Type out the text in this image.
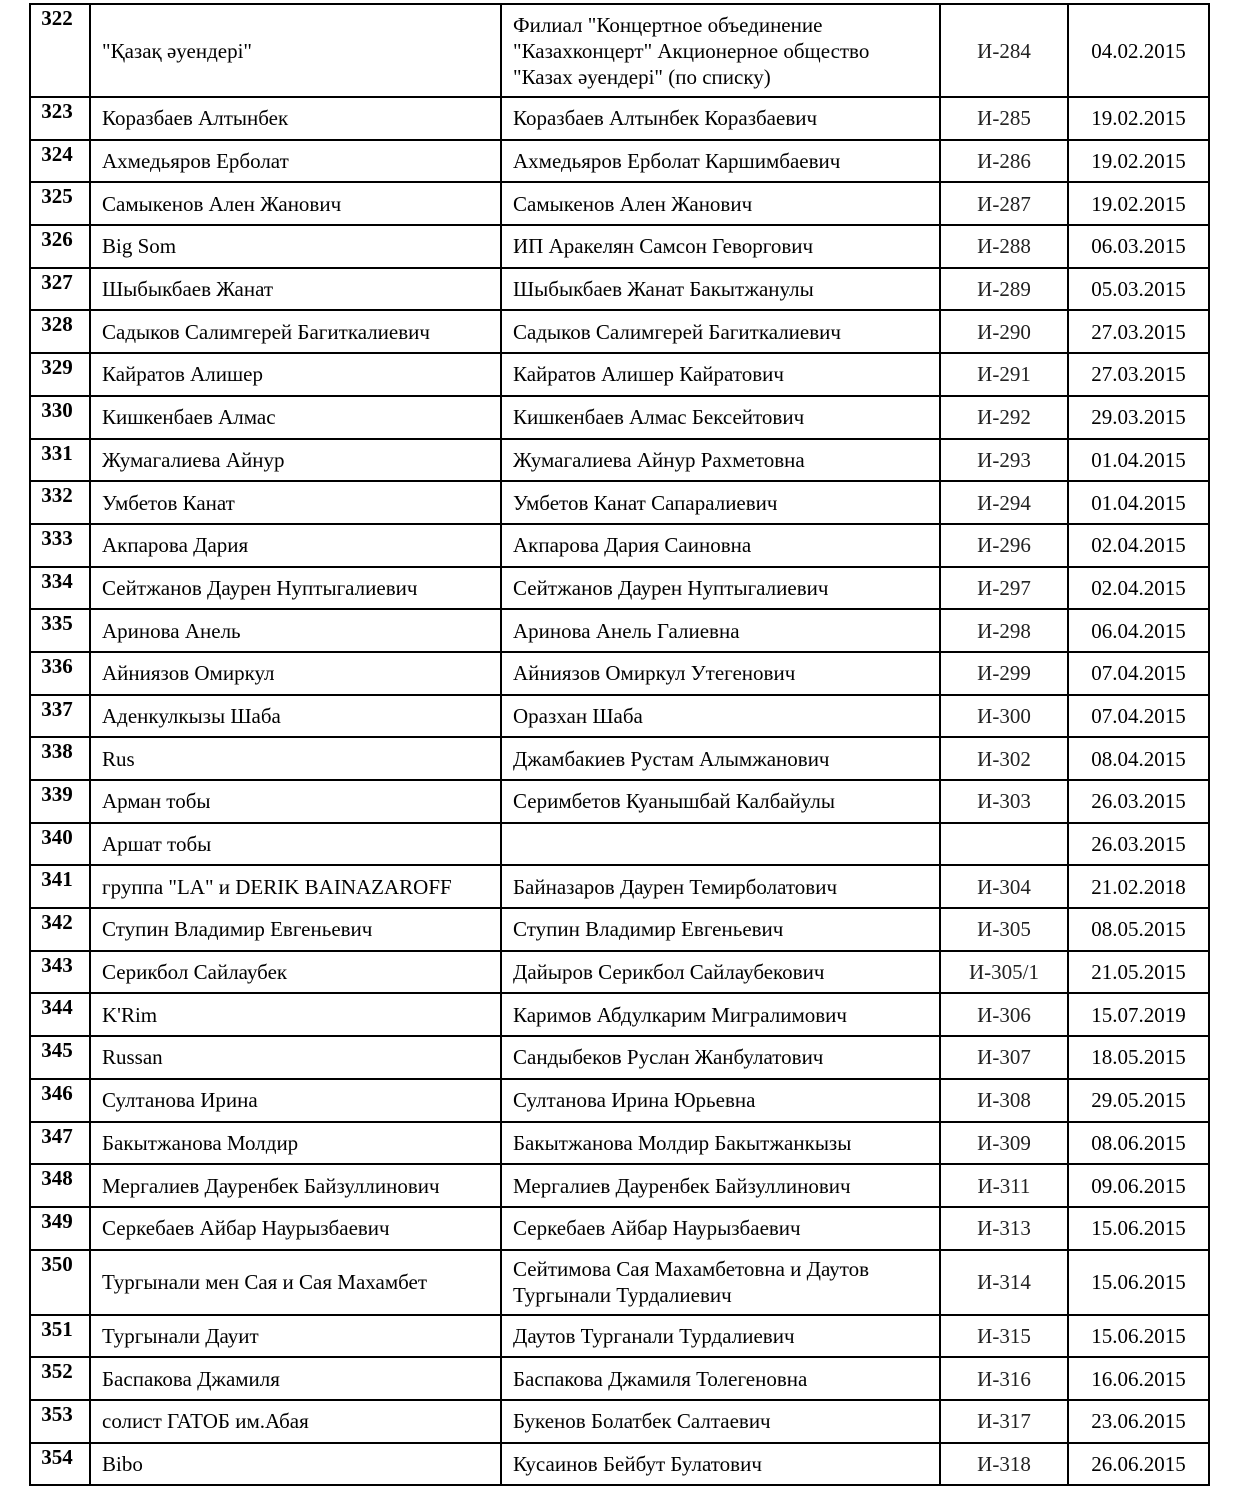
322	"Қазақ әуендері"	Филиал "Концертное объединение
"Казахконцерт" Акционерное общество
"Казах әуендері" (по списку)	И-284	04.02.2015
323	Коразбаев Алтынбек	Коразбаев Алтынбек Коразбаевич	И-285	19.02.2015
324	Ахмедьяров Ерболат	Ахмедьяров Ерболат Каршимбаевич	И-286	19.02.2015
325	Самыкенов Ален Жанович	Самыкенов Ален Жанович	И-287	19.02.2015
326	Big Som	ИП Аракелян Самсон Геворгович	И-288	06.03.2015
327	Шыбыкбаев Жанат	Шыбыкбаев Жанат Бакытжанулы	И-289	05.03.2015
328	Садыков Салимгерей Багиткалиевич	Садыков Салимгерей Багиткалиевич	И-290	27.03.2015
329	Кайратов Алишер	Кайратов Алишер Кайратович	И-291	27.03.2015
330	Кишкенбаев Алмас	Кишкенбаев Алмас Бексейтович	И-292	29.03.2015
331	Жумагалиева Айнур	Жумагалиева Айнур Рахметовна	И-293	01.04.2015
332	Умбетов Канат	Умбетов Канат Сапаралиевич	И-294	01.04.2015
333	Акпарова Дария	Акпарова Дария Саиновна	И-296	02.04.2015
334	Сейтжанов Даурен Нуптыгалиевич	Сейтжанов Даурен Нуптыгалиевич	И-297	02.04.2015
335	Аринова Анель	Аринова Анель Галиевна	И-298	06.04.2015
336	Айниязов Омиркул	Айниязов Омиркул Утегенович	И-299	07.04.2015
337	Аденкулкызы Шаба	Оразхан Шаба	И-300	07.04.2015
338	Rus	Джамбакиев Рустам Алымжанович	И-302	08.04.2015
339	Арман тобы	Серимбетов Куанышбай Калбайулы	И-303	26.03.2015
340	Аршат тобы			26.03.2015
341	группа "LA" и DERIK BAINAZAROFF	Байназаров Даурен Темирболатович	И-304	21.02.2018
342	Ступин Владимир Евгеньевич	Ступин Владимир Евгеньевич	И-305	08.05.2015
343	Серикбол Сайлаубек	Дайыров Серикбол Сайлаубекович	И-305/1	21.05.2015
344	K'Rim	Каримов Абдулкарим Мигралимович	И-306	15.07.2019
345	Russan	Сандыбеков Руслан Жанбулатович	И-307	18.05.2015
346	Султанова Ирина	Султанова Ирина Юрьевна	И-308	29.05.2015
347	Бакытжанова Молдир	Бакытжанова Молдир Бакытжанкызы	И-309	08.06.2015
348	Мергалиев Дауренбек Байзуллинович	Мергалиев Дауренбек Байзуллинович	И-311	09.06.2015
349	Серкебаев Айбар Наурызбаевич	Серкебаев Айбар Наурызбаевич	И-313	15.06.2015
350	Тургынали мен Сая и Сая Махамбет	Сейтимова Сая Махамбетовна и Даутов
Тургынали Турдалиевич	И-314	15.06.2015
351	Тургынали Дауит	Даутов Турганали Турдалиевич	И-315	15.06.2015
352	Баспакова Джамиля	Баспакова Джамиля Толегеновна	И-316	16.06.2015
353	солист ГАТОБ им.Абая	Букенов Болатбек Салтаевич	И-317	23.06.2015
354	Bibo	Кусаинов Бейбут Булатович	И-318	26.06.2015
